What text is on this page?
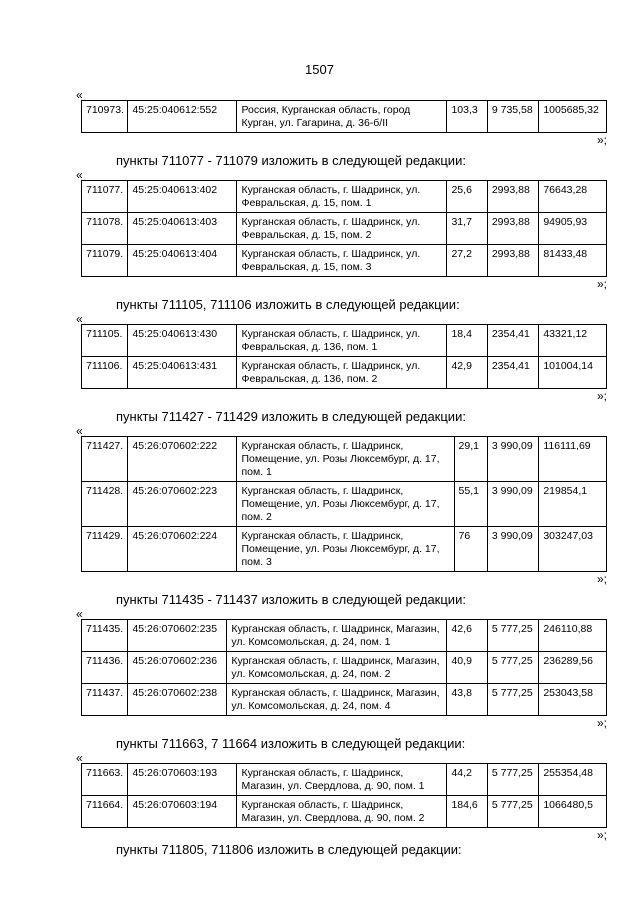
1507
«
710973.	45:25:040612:552	Россия, Курганская область, город Курган, ул. Гагарина, д. 36-б/II	103,3	9 735,58	1005685,32
»;
пункты 711077 - 711079 изложить в следующей редакции:
«
711077.	45:25:040613:402	Курганская область, г. Шадринск, ул. Февральская, д. 15, пом. 1	25,6	2993,88	76643,28
711078.	45:25:040613:403	Курганская область, г. Шадринск, ул. Февральская, д. 15, пом. 2	31,7	2993,88	94905,93
711079.	45:25:040613:404	Курганская область, г. Шадринск, ул. Февральская, д. 15, пом. 3	27,2	2993,88	81433,48
»;
пункты 711105, 711106 изложить в следующей редакции:
«
711105.	45:25:040613:430	Курганская область, г. Шадринск, ул. Февральская, д. 136, пом. 1	18,4	2354,41	43321,12
711106.	45:25:040613:431	Курганская область, г. Шадринск, ул. Февральская, д. 136, пом. 2	42,9	2354,41	101004,14
»;
пункты 711427 - 711429 изложить в следующей редакции:
«
711427.	45:26:070602:222	Курганская область, г. Шадринск, Помещение, ул. Розы Люксембург, д. 17, пом. 1	29,1	3 990,09	116111,69
711428.	45:26:070602:223	Курганская область, г. Шадринск, Помещение, ул. Розы Люксембург, д. 17, пом. 2	55,1	3 990,09	219854,1
711429.	45:26:070602:224	Курганская область, г. Шадринск, Помещение, ул. Розы Люксембург, д. 17, пом. 3	76	3 990,09	303247,03
»;
пункты 711435 - 711437 изложить в следующей редакции:
«
711435.	45:26:070602:235	Курганская область, г. Шадринск, Магазин, ул. Комсомольская, д. 24, пом. 1	42,6	5 777,25	246110,88
711436.	45:26:070602:236	Курганская область, г. Шадринск, Магазин, ул. Комсомольская, д. 24, пом. 2	40,9	5 777,25	236289,56
711437.	45:26:070602:238	Курганская область, г. Шадринск, Магазин, ул. Комсомольская, д. 24, пом. 4	43,8	5 777,25	253043,58
»;
пункты 711663, 7 11664 изложить в следующей редакции:
«
711663.	45:26:070603:193	Курганская область, г. Шадринск, Магазин, ул. Свердлова, д. 90, пом. 1	44,2	5 777,25	255354,48
711664.	45:26:070603:194	Курганская область, г. Шадринск, Магазин, ул. Свердлова, д. 90, пом. 2	184,6	5 777,25	1066480,5
»;
пункты 711805, 711806 изложить в следующей редакции:
